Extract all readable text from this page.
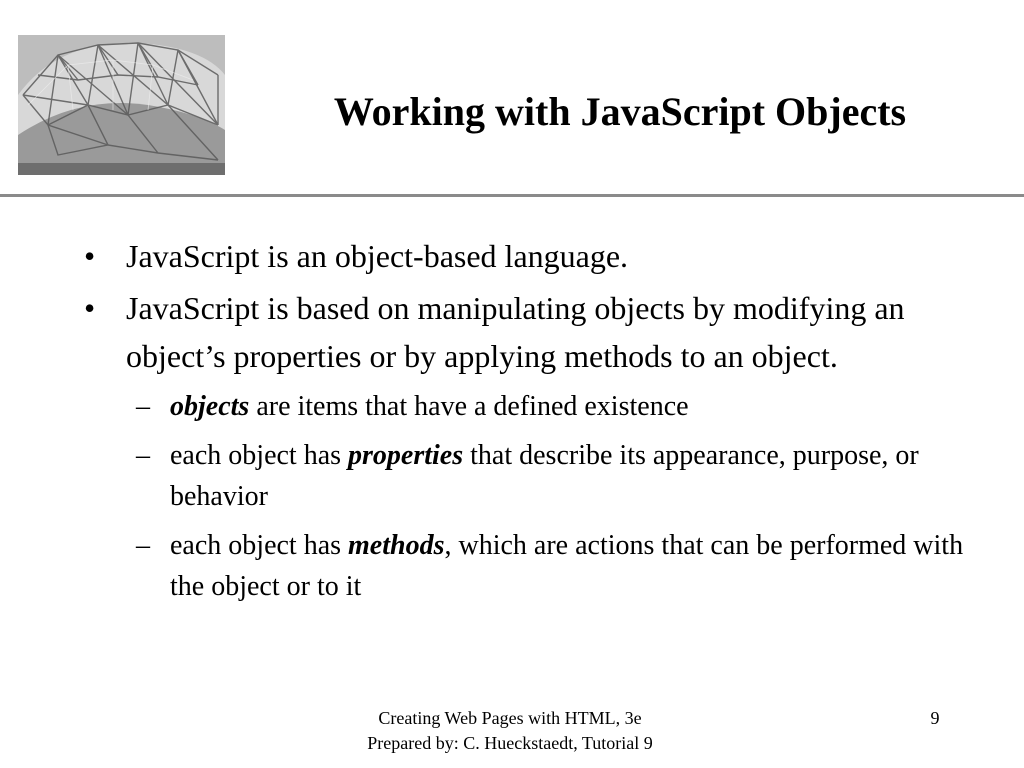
Working with JavaScript Objects
• JavaScript is an object-based language.
• JavaScript is based on manipulating objects by modifying an object’s properties or by applying methods to an object.
– objects are items that have a defined existence
– each object has properties that describe its appearance, purpose, or behavior
– each object has methods, which are actions that can be performed with the object or to it
Creating Web Pages with HTML, 3e
Prepared by: C. Hueckstaedt, Tutorial 9
9
